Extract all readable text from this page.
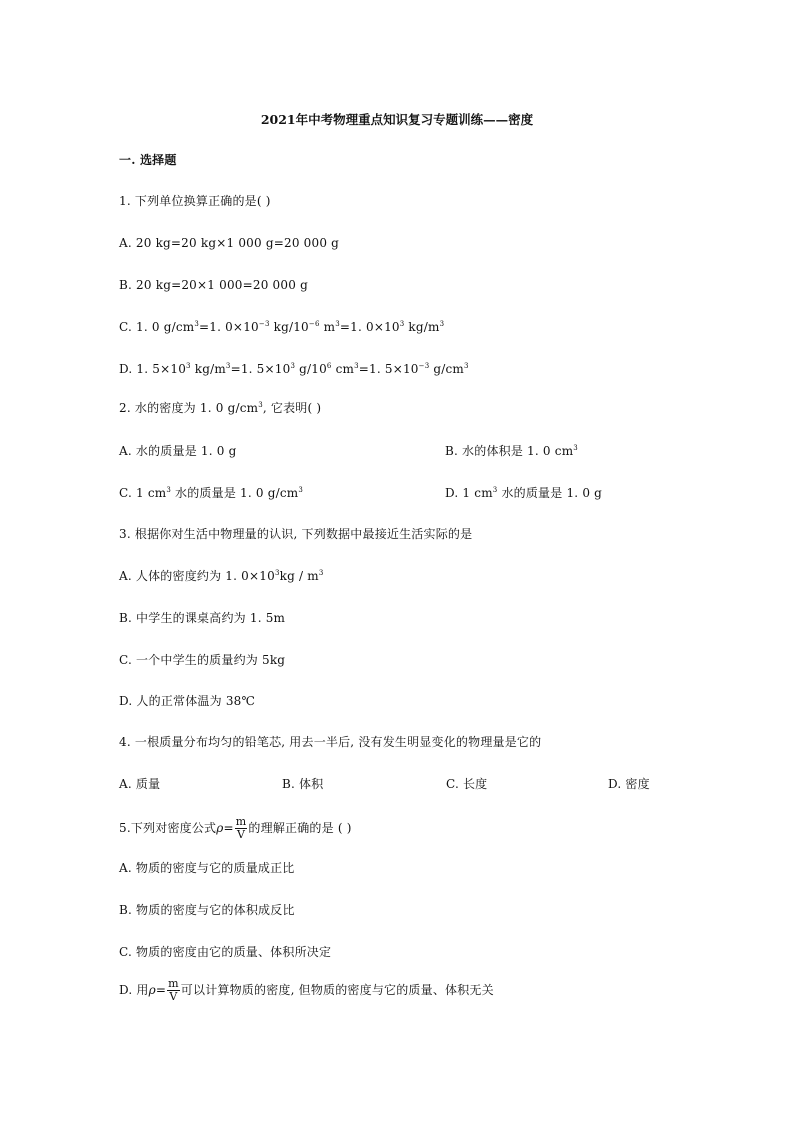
2021年中考物理重点知识复习专题训练——密度
一. 选择题
1. 下列单位换算正确的是( )
A. 20 kg=20 kg×1 000 g=20 000 g
B. 20 kg=20×1 000=20 000 g
C. 1. 0 $g/cm^3=1$. $0\times 10^{-3}$ $kg/10^{-6}$ $m^3=1$. $0\times 10^3$ $kg/m^3$
D. 1. $5\times 10^3$ $kg/m^3=1$. $5\times 10^3$ $g/10^6$ $cm^3=1$. $5\times 10^{-3}$ $g/cm^3$
2. 水的密度为 1. 0 $g/cm^3$, 它表明( )
A. 水的质量是 1. 0 g	B. 水的体积是 1. 0 $cm^3$
C. 1 $cm^3$ 水的质量是 1. 0 $g/cm^3$	D. 1 $cm^3$ 水的质量是 1. 0 g
3. 根据你对生活中物理量的认识, 下列数据中最接近生活实际的是
A. 人体的密度约为 1. $0\times 10^3kg / m^3$
B. 中学生的课桌高约为 1. 5m
C. 一个中学生的质量约为 5kg
D. 人的正常体温为 38℃
4. 一根质量分布均匀的铅笔芯, 用去一半后, 没有发生明显变化的物理量是它的
A. 质量	B. 体积	C. 长度	D. 密度
5.下列对密度公式$\rho= \frac{m}{V}$ 的理解正确的是 ( )
A. 物质的密度与它的质量成正比
B. 物质的密度与它的体积成反比
C. 物质的密度由它的质量、体积所决定
D. 用$\rho= \frac{m}{V}$ 可以计算物质的密度, 但物质的密度与它的质量、体积无关
